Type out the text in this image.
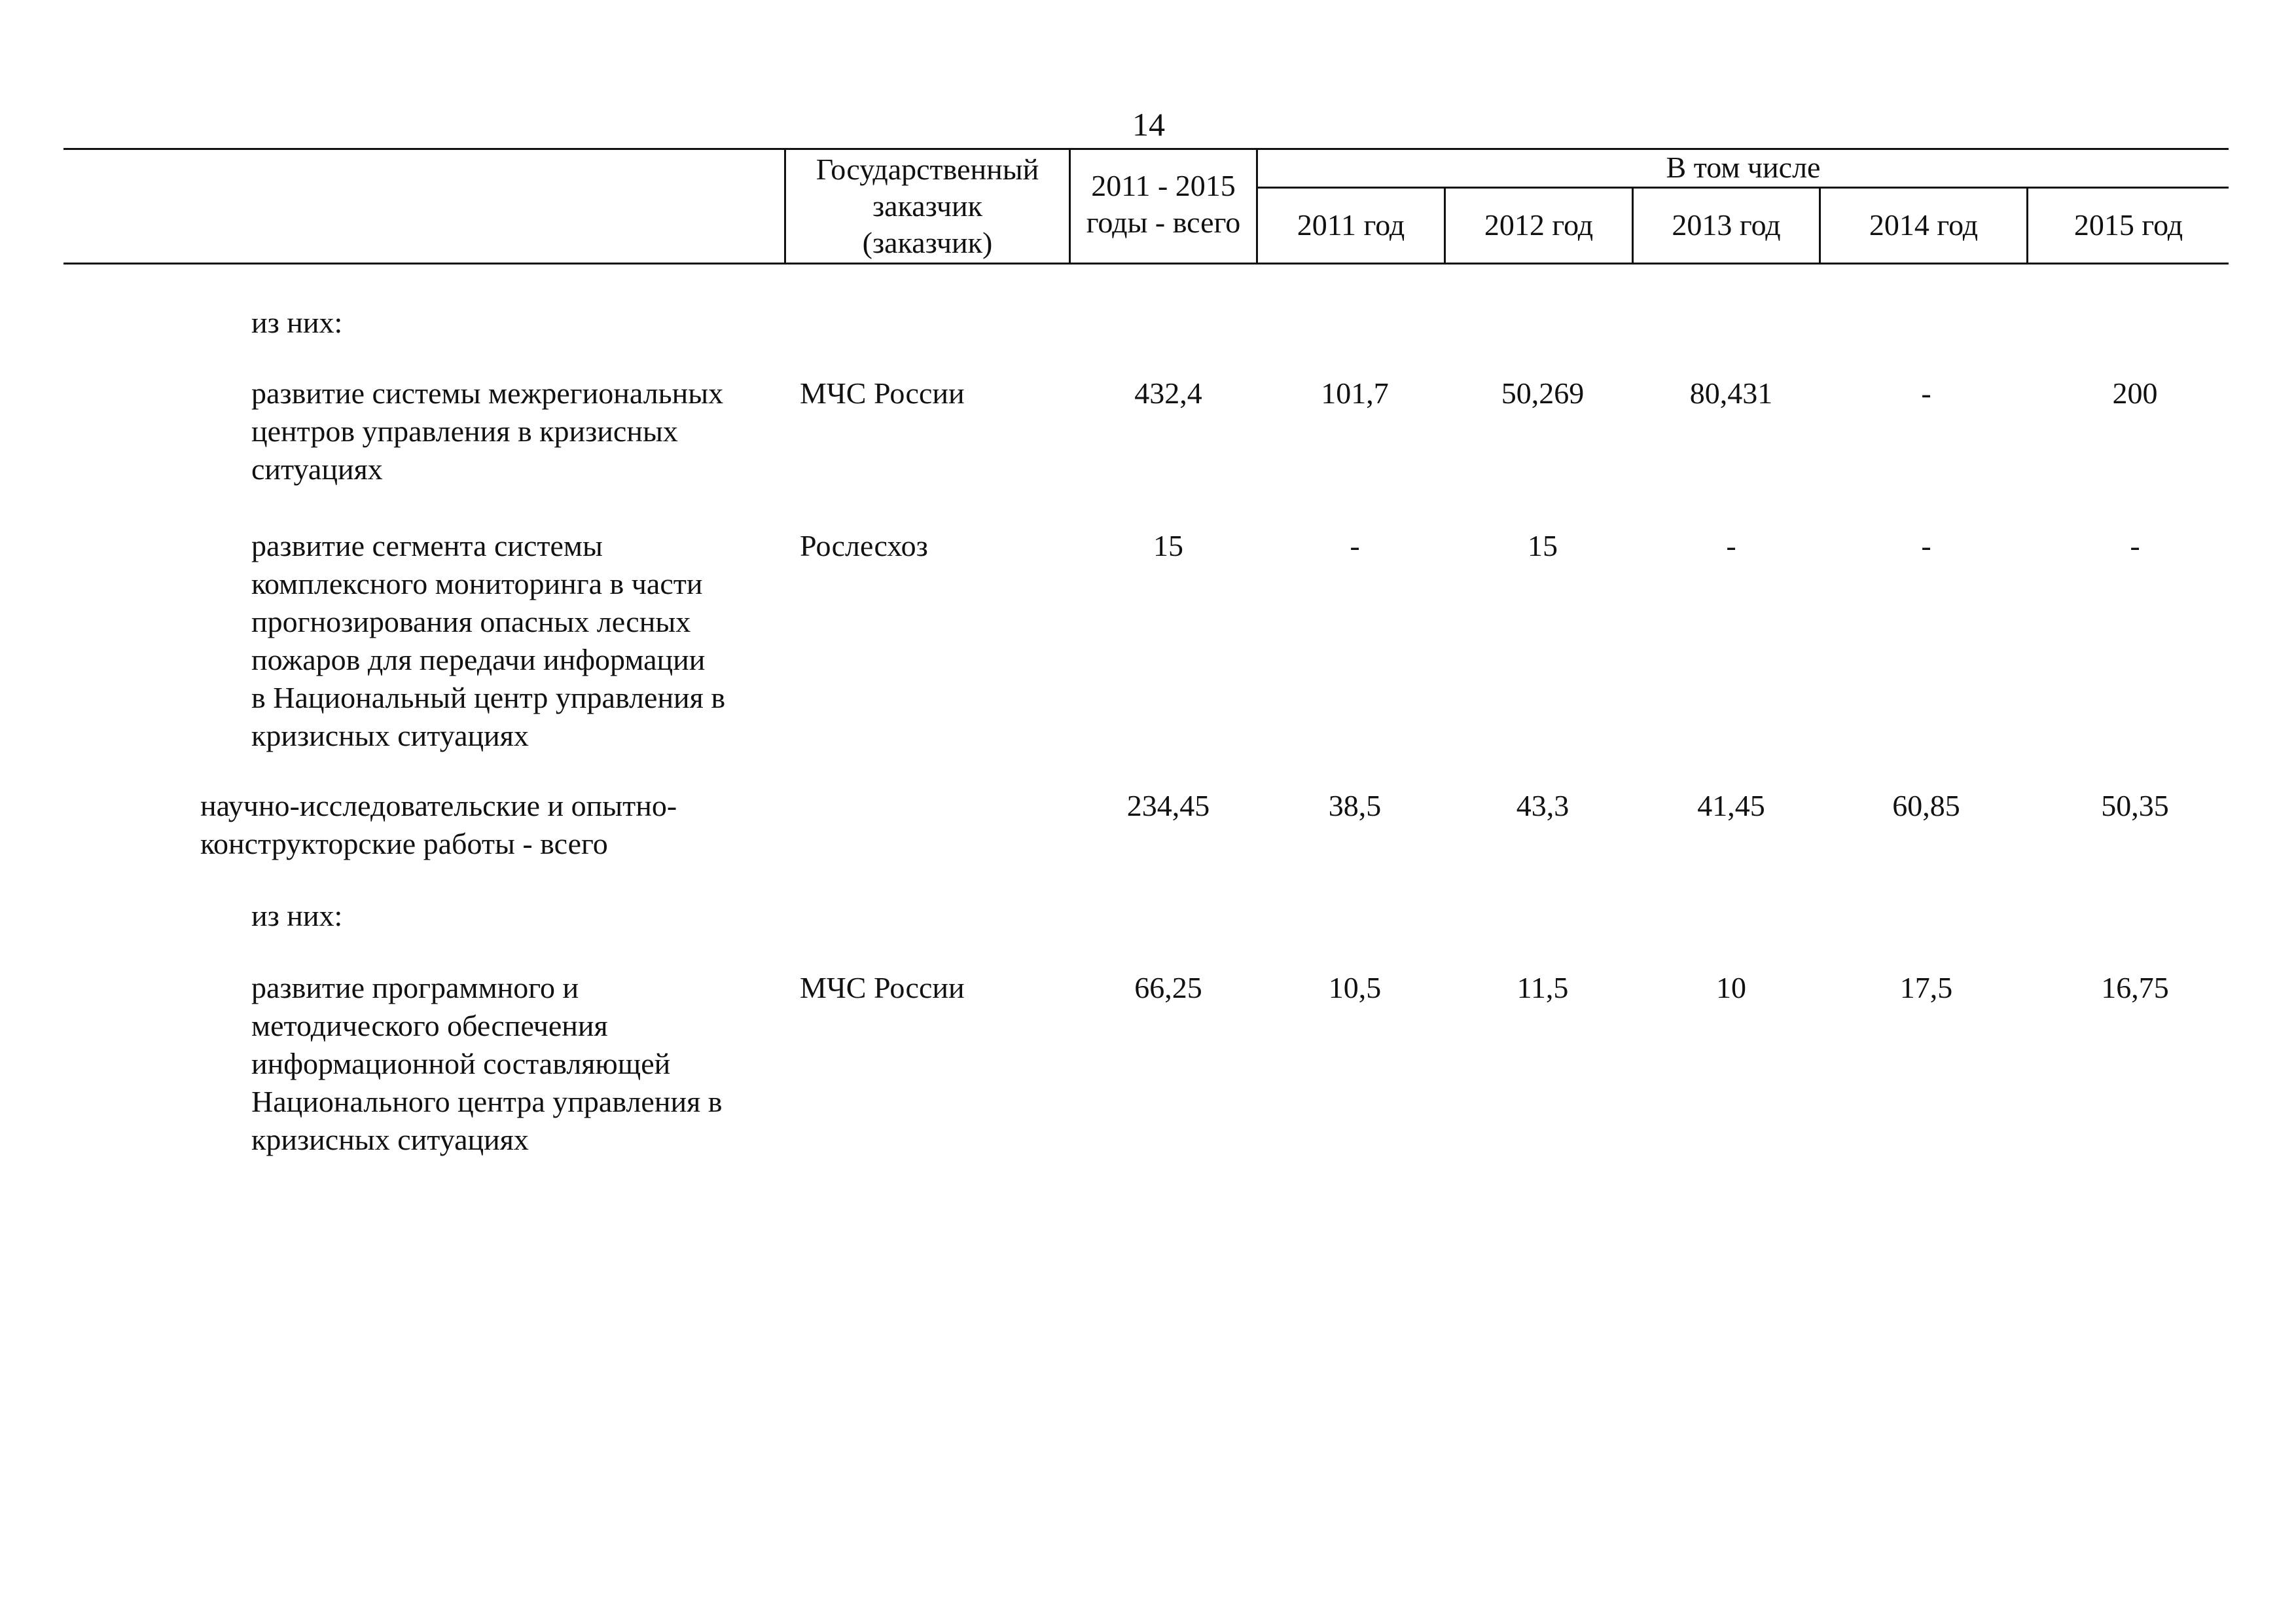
14
Государственный
заказчик
(заказчик)
2011 - 2015
годы - всего
В том числе
2011 год	2012 год	2013 год	2014 год	2015 год
из них:
развитие системы межрегиональных
центров управления в кризисных
ситуациях
МЧС России	432,4	101,7	50,269	80,431	-	200
развитие сегмента системы
комплексного мониторинга в части
прогнозирования опасных лесных
пожаров для передачи информации
в Национальный центр управления в
кризисных ситуациях
Рослесхоз	15	-	15	-	-	-
научно-исследовательские и опытно-
конструкторские работы - всего
234,45	38,5	43,3	41,45	60,85	50,35
из них:
развитие программного и
методического обеспечения
информационной составляющей
Национального центра управления в
кризисных ситуациях
МЧС России	66,25	10,5	11,5	10	17,5	16,75
